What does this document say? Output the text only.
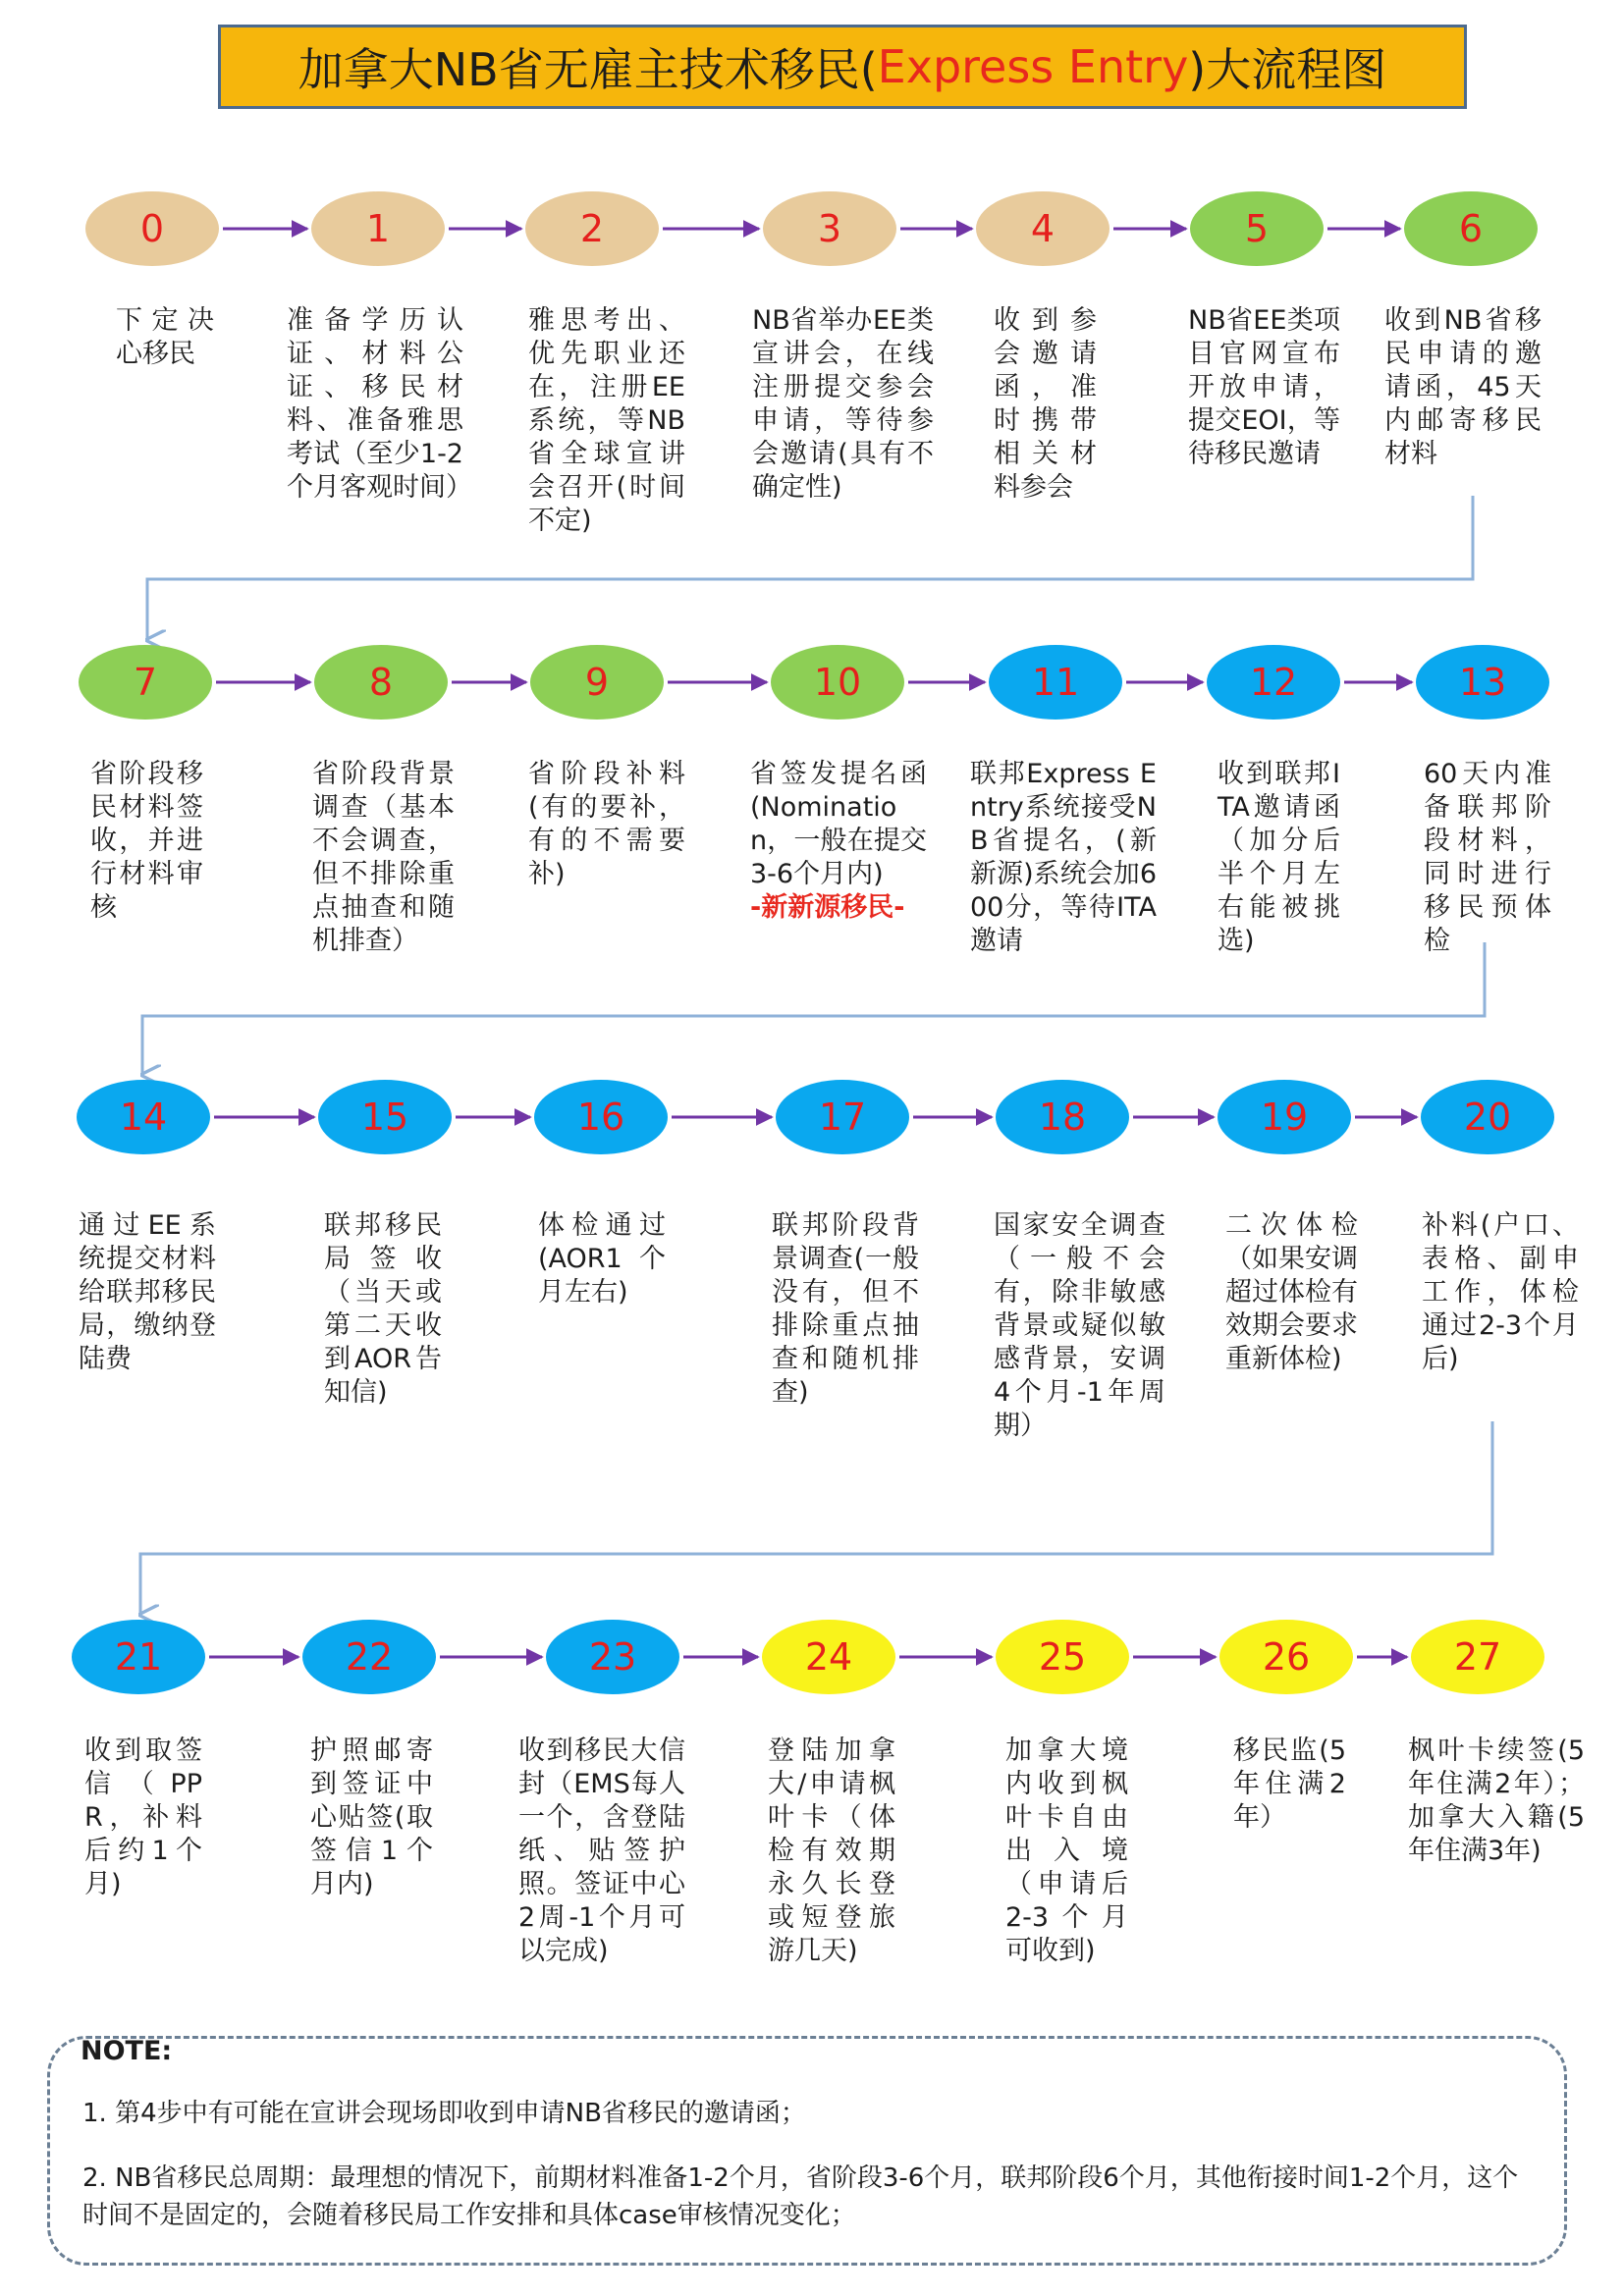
加拿大NB省无雇主技术移民( Express Entry )大流程图
0
下定决心移民
1
准备学历认证、材料公证、移民材料、准备雅思考试（至少1-2个月客观时间）
2
雅思考出、优先职业还在，注册EE系统，等NB省全球宣讲会召开(时间不定)
3
NB省举办EE类宣讲会，在线注册提交参会申请，等待参会邀请(具有不确定性)
4
收到参会邀请函，准时携带相关材料参会
5
NB省EE类项目官网宣布开放申请，提交EOI，等待移民邀请
6
收到NB省移民申请的邀请函，45天内邮寄移民材料
7
省阶段移民材料签收，并进行材料审核
8
省阶段背景调查（基本不会调查，但不排除重点抽查和随机排查）
9
省阶段补料(有的要补，有的不需要补)
10
省签发提名函(Nomination，一般在提交3-6个月内)
-新新源移民-
11
联邦Express Entry系统接受NB省提名，(新新源)系统会加600分，等待ITA邀请
12
收到联邦ITA邀请函（加分后半个月左右能被挑选)
13
60天内准备联邦阶段材料，同时进行移民预体检
14
通过EE系统提交材料给联邦移民局，缴纳登陆费
15
联邦移民局签收（当天或第二天收到AOR告知信)
16
体检通过(AOR1个月左右)
17
联邦阶段背景调查(一般没有，但不排除重点抽查和随机排查)
18
国家安全调查（一般不会有，除非敏感背景或疑似敏感背景，安调4个月-1年周期）
19
二次体检（如果安调超过体检有效期会要求重新体检)
20
补料(户口、表格、副申工作，体检通过2-3个月后)
21
收到取签信（PPR，补料后约1个月)
22
护照邮寄到签证中心贴签(取签信1个月内)
23
收到移民大信封（EMS每人一个，含登陆纸、贴签护照。签证中心2周-1个月可以完成)
24
登陆加拿大/申请枫叶卡（体检有效期永久长登或短登旅游几天)
25
加拿大境内收到枫叶卡自由出入境（申请后2-3个月可收到)
26
移民监(5年住满2年）
27
枫叶卡续签(5年住满2年）；加拿大入籍(5年住满3年)
NOTE:
1. 第4步中有可能在宣讲会现场即收到申请NB省移民的邀请函；
2. NB省移民总周期：最理想的情况下，前期材料准备1-2个月，省阶段3-6个月，联邦阶段6个月，其他衔接时间1-2个月，这个时间不是固定的，会随着移民局工作安排和具体case审核情况变化；
